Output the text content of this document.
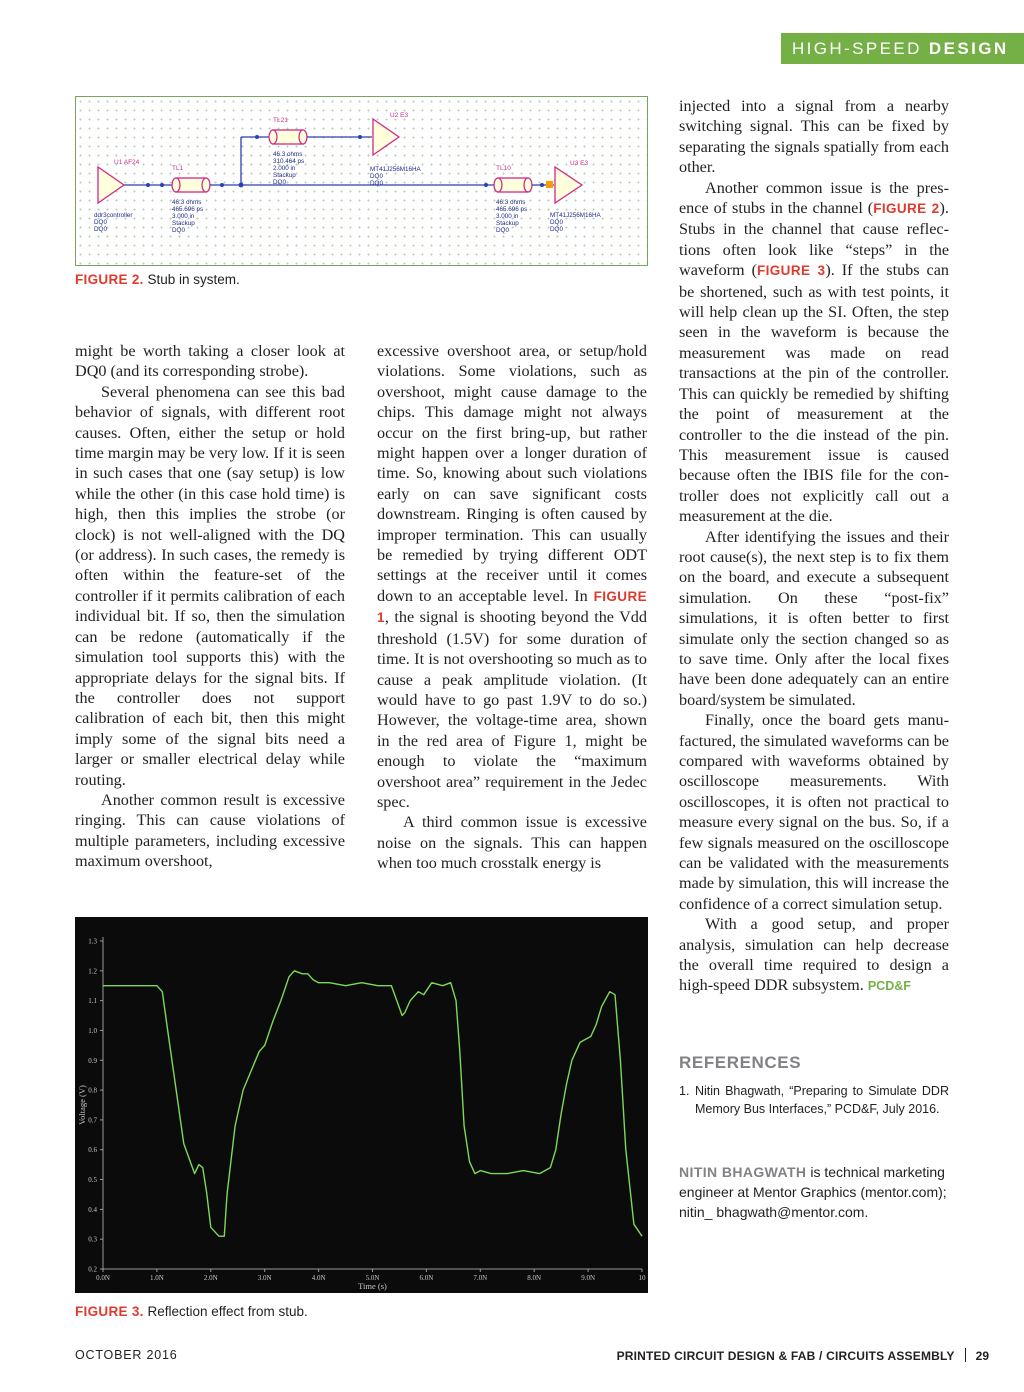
HIGH-SPEED DESIGN
U1 AF24
TL1
TL21
U2 E3
TL10
U3 E3
ddr3controller
DQ0
DQ0
46.3 ohms
465.696 ps
3.000 in
Stackup
DQ0
46.3 ohms
310.464 ps
2.000 in
Stackup
DQ0
MT41J256M16HA
DQ0
DQ0
46.3 ohms
465.696 ps
3.000 in
Stackup
DQ0
MT41J256M16HA
DQ0
DQ0
FIGURE 2. Stub in system.

might be worth taking a closer look at DQ0 (and its corresponding strobe).

Several phenomena can see this bad behavior of signals, with different root causes. Often, either the setup or hold time margin may be very low. If it is seen in such cases that one (say setup) is low while the other (in this case hold time) is high, then this implies the strobe (or clock) is not well-aligned with the DQ (or address). In such cases, the remedy is often within the feature-set of the controller if it permits calibration of each individual bit. If so, then the simulation can be redone (automatically if the simulation tool supports this) with the appropriate delays for the signal bits. If the controller does not support calibration of each bit, then this might imply some of the signal bits need a larger or smaller electrical delay while routing.

Another common result is excessive ringing. This can cause violations of multiple parameters, including excessive maximum overshoot,

excessive overshoot area, or setup/hold violations. Some violations, such as overshoot, might cause damage to the chips. This damage might not always occur on the first bring-up, but rather might happen over a longer duration of time. So, knowing about such violations early on can save significant costs downstream. Ringing is often caused by improper termination. This can usually be remedied by trying different ODT settings at the receiver until it comes down to an acceptable level. In FIGURE 1, the signal is shooting beyond the Vdd threshold (1.5V) for some duration of time. It is not overshooting so much as to cause a peak amplitude violation. (It would have to go past 1.9V to do so.) However, the voltage-time area, shown in the red area of Figure 1, might be enough to violate the “maximum overshoot area” requirement in the Jedec spec.

A third common issue is excessive noise on the signals. This can happen when too much crosstalk energy is

injected into a signal from a nearby switching signal. This can be fixed by separating the signals spatially from each other.

Another common issue is the presence of stubs in the channel (FIGURE 2). Stubs in the channel that cause reflections often look like “steps” in the waveform (FIGURE 3). If the stubs can be shortened, such as with test points, it will help clean up the SI. Often, the step seen in the waveform is because the measurement was made on read transactions at the pin of the controller. This can quickly be remedied by shifting the point of measurement at the controller to the die instead of the pin. This measurement issue is caused because often the IBIS file for the controller does not explicitly call out a measurement at the die.

After identifying the issues and their root cause(s), the next step is to fix them on the board, and execute a subsequent simulation. On these “post-fix” simulations, it is often better to first simulate only the section changed so as to save time. Only after the local fixes have been done adequately can an entire board/system be simulated.

Finally, once the board gets manufactured, the simulated waveforms can be compared with waveforms obtained by oscilloscope measurements. With oscilloscopes, it is often not practical to measure every signal on the bus. So, if a few signals measured on the oscilloscope can be validated with the measurements made by simulation, this will increase the confidence of a correct simulation setup.

With a good setup, and proper analysis, simulation can help decrease the overall time required to design a high-speed DDR subsystem. PCD&F

0.0N	1.0N	2.0N	3.0N	4.0N	5.0N	6.0N	7.0N	8.0N	9.0N	10
0.2
0.3
0.4
0.5
0.6
0.7
0.8
0.9
1.0
1.1
1.2
1.3
Time (s)
Voltage (V)
FIGURE 3. Reflection effect from stub.
REFERENCES
1. Nitin Bhagwath, “Preparing to Simulate DDR Memory Bus Interfaces,” PCD&F, July 2016.
NITIN BHAGWATH is technical marketing engineer at Mentor Graphics (mentor.com); nitin_ bhagwath@mentor.com.
OCTOBER 2016	PRINTED CIRCUIT DESIGN & FAB / CIRCUITS ASSEMBLY 29
